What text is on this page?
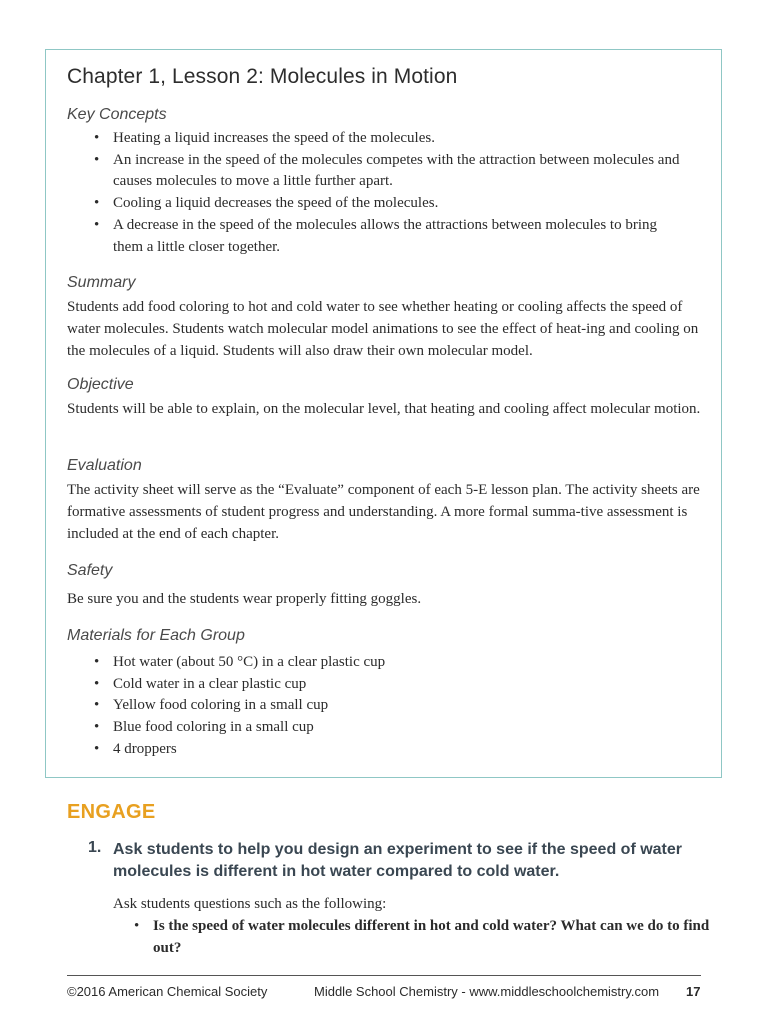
Chapter 1, Lesson 2: Molecules in Motion
Key Concepts
• Heating a liquid increases the speed of the molecules.
• An increase in the speed of the molecules competes with the attraction between molecules and causes molecules to move a little further apart.
• Cooling a liquid decreases the speed of the molecules.
• A decrease in the speed of the molecules allows the attractions between molecules to bring them a little closer together.
Summary

Students add food coloring to hot and cold water to see whether heating or cooling affects the speed of water molecules. Students watch molecular model animations to see the effect of heat-ing and cooling on the molecules of a liquid. Students will also draw their own molecular model.

Objective

Students will be able to explain, on the molecular level, that heating and cooling affect molecular motion.

Evaluation

The activity sheet will serve as the “Evaluate” component of each 5-E lesson plan. The activity sheets are formative assessments of student progress and understanding. A more formal summa-tive assessment is included at the end of each chapter.

Safety

Be sure you and the students wear properly fitting goggles.

Materials for Each Group
• Hot water (about 50 °C) in a clear plastic cup
• Cold water in a clear plastic cup
• Yellow food coloring in a small cup
• Blue food coloring in a small cup
• 4 droppers
ENGAGE
1. Ask students to help you design an experiment to see if the speed of water molecules is different in hot water compared to cold water.

Ask students questions such as the following:

• Is the speed of water molecules different in hot and cold water? What can we do to find out?
©2016 American Chemical Society	Middle School Chemistry - www.middleschoolchemistry.com 17
